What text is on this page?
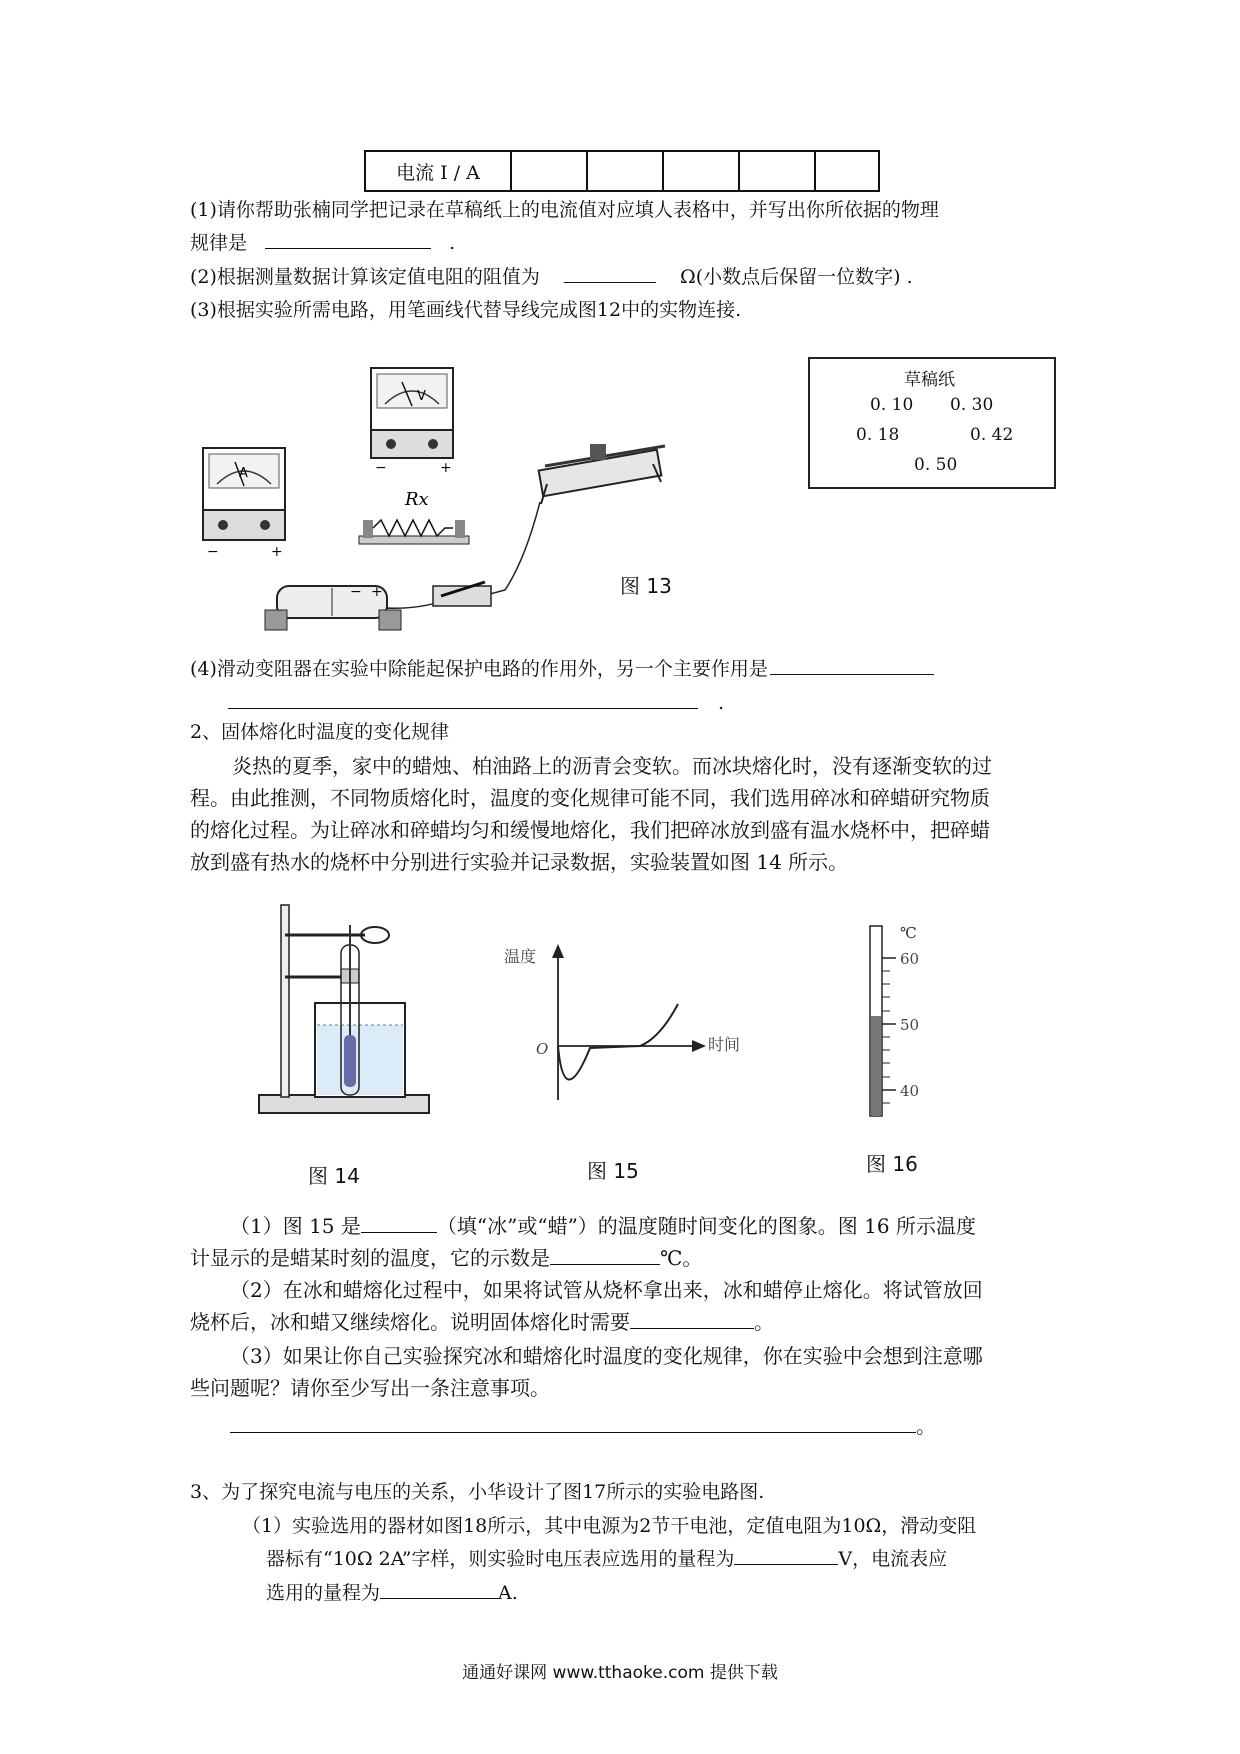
电流 I / A					
(1)请你帮助张楠同学把记录在草稿纸上的电流值对应填人表格中，并写出你所依据的物理
规律是	.
(2)根据测量数据计算该定值电阻的阻值为	Ω(小数点后保留一位数字) .
(3)根据实验所需电路，用笔画线代替导线完成图12中的实物连接.
V
−	+
A
−	+
Rx
+
−	图 13
草稿纸
0. 10 0. 30
0. 18	0. 42
0. 50
(4)滑动变阻器在实验中除能起保护电路的作用外，另一个主要作用是
.
2、固体熔化时温度的变化规律
炎热的夏季，家中的蜡烛、柏油路上的沥青会变软。而冰块熔化时，没有逐渐变软的过
程。由此推测，不同物质熔化时，温度的变化规律可能不同，我们选用碎冰和碎蜡研究物质
的熔化过程。为让碎冰和碎蜡均匀和缓慢地熔化，我们把碎冰放到盛有温水烧杯中，把碎蜡
放到盛有热水的烧杯中分别进行实验并记录数据，实验装置如图 14 所示。
图 14
温度
时间
O
图 15
℃
60
50
40
图 16
（1）图 15 是	（填“冰”或“蜡”）的温度随时间变化的图象。图 16 所示温度
计显示的是蜡某时刻的温度，它的示数是	℃。
（2）在冰和蜡熔化过程中，如果将试管从烧杯拿出来，冰和蜡停止熔化。将试管放回
烧杯后，冰和蜡又继续熔化。说明固体熔化时需要	。
（3）如果让你自己实验探究冰和蜡熔化时温度的变化规律，你在实验中会想到注意哪
些问题呢？请你至少写出一条注意事项。
。
3、为了探究电流与电压的关系，小华设计了图17所示的实验电路图.
（1）实验选用的器材如图18所示，其中电源为2节干电池，定值电阻为10Ω，滑动变阻
器标有“10Ω 2A”字样，则实验时电压表应选用的量程为	V，电流表应
选用的量程为	A.
通通好课网 www.tthaoke.com 提供下载
